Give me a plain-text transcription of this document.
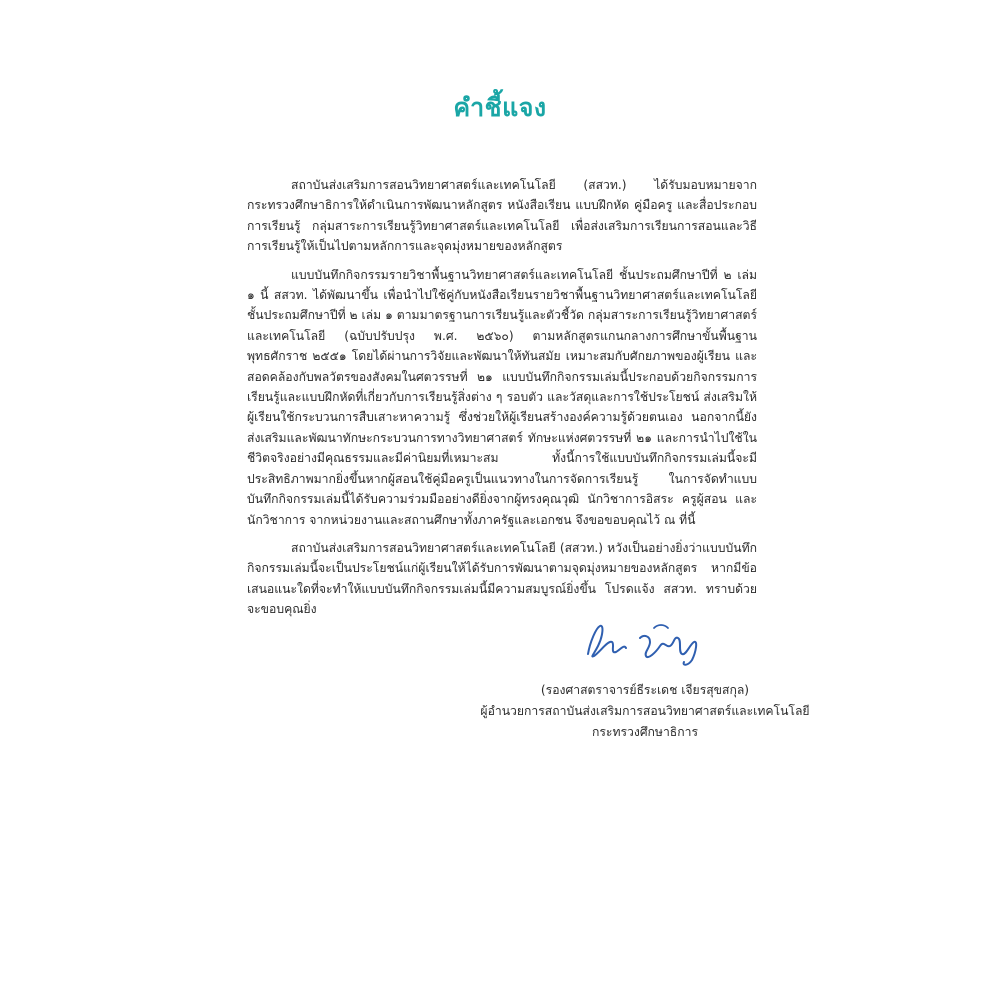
คำชี้แจง

สถาบันส่งเสริมการสอนวิทยาศาสตร์และเทคโนโลยี (สสวท.) ได้รับมอบหมายจากกระทรวงศึกษาธิการให้ดำเนินการพัฒนาหลักสูตร หนังสือเรียน แบบฝึกหัด คู่มือครู และสื่อประกอบการเรียนรู้ กลุ่มสาระการเรียนรู้วิทยาศาสตร์และเทคโนโลยี เพื่อส่งเสริมการเรียนการสอนและวิธีการเรียนรู้ให้เป็นไปตามหลักการและจุดมุ่งหมายของหลักสูตร

แบบบันทึกกิจกรรมรายวิชาพื้นฐานวิทยาศาสตร์และเทคโนโลยี ชั้นประถมศึกษาปีที่ ๒ เล่ม ๑ นี้ สสวท. ได้พัฒนาขึ้น เพื่อนำไปใช้คู่กับหนังสือเรียนรายวิชาพื้นฐานวิทยาศาสตร์และเทคโนโลยี ชั้นประถมศึกษาปีที่ ๒ เล่ม ๑ ตามมาตรฐานการเรียนรู้และตัวชี้วัด กลุ่มสาระการเรียนรู้วิทยาศาสตร์และเทคโนโลยี (ฉบับปรับปรุง พ.ศ. ๒๕๖๐) ตามหลักสูตรแกนกลางการศึกษาขั้นพื้นฐาน พุทธศักราช ๒๕๕๑ โดยได้ผ่านการวิจัยและพัฒนาให้ทันสมัย เหมาะสมกับศักยภาพของผู้เรียน และสอดคล้องกับพลวัตรของสังคมในศตวรรษที่ ๒๑ แบบบันทึกกิจกรรมเล่มนี้ประกอบด้วยกิจกรรมการเรียนรู้และแบบฝึกหัดที่เกี่ยวกับการเรียนรู้สิ่งต่าง ๆ รอบตัว และวัสดุและการใช้ประโยชน์ ส่งเสริมให้ผู้เรียนใช้กระบวนการสืบเสาะหาความรู้ ซึ่งช่วยให้ผู้เรียนสร้างองค์ความรู้ด้วยตนเอง นอกจากนี้ยังส่งเสริมและพัฒนาทักษะกระบวนการทางวิทยาศาสตร์ ทักษะแห่งศตวรรษที่ ๒๑ และการนำไปใช้ในชีวิตจริงอย่างมีคุณธรรมและมีค่านิยมที่เหมาะสม ทั้งนี้การใช้แบบบันทึกกิจกรรมเล่มนี้จะมีประสิทธิภาพมากยิ่งขึ้นหากผู้สอนใช้คู่มือครูเป็นแนวทางในการจัดการเรียนรู้ ในการจัดทำแบบบันทึกกิจกรรมเล่มนี้ได้รับความร่วมมืออย่างดียิ่งจากผู้ทรงคุณวุฒิ นักวิชาการอิสระ ครูผู้สอน และนักวิชาการ จากหน่วยงานและสถานศึกษาทั้งภาครัฐและเอกชน จึงขอขอบคุณไว้ ณ ที่นี้

สถาบันส่งเสริมการสอนวิทยาศาสตร์และเทคโนโลยี (สสวท.) หวังเป็นอย่างยิ่งว่าแบบบันทึกกิจกรรมเล่มนี้จะเป็นประโยชน์แก่ผู้เรียนให้ได้รับการพัฒนาตามจุดมุ่งหมายของหลักสูตร หากมีข้อเสนอแนะใดที่จะทำให้แบบบันทึกกิจกรรมเล่มนี้มีความสมบูรณ์ยิ่งขึ้น โปรดแจ้ง สสวท. ทราบด้วย จะขอบคุณยิ่ง

(รองศาสตราจารย์ธีระเดช เจียรสุขสกุล)
ผู้อำนวยการสถาบันส่งเสริมการสอนวิทยาศาสตร์และเทคโนโลยี
กระทรวงศึกษาธิการ
